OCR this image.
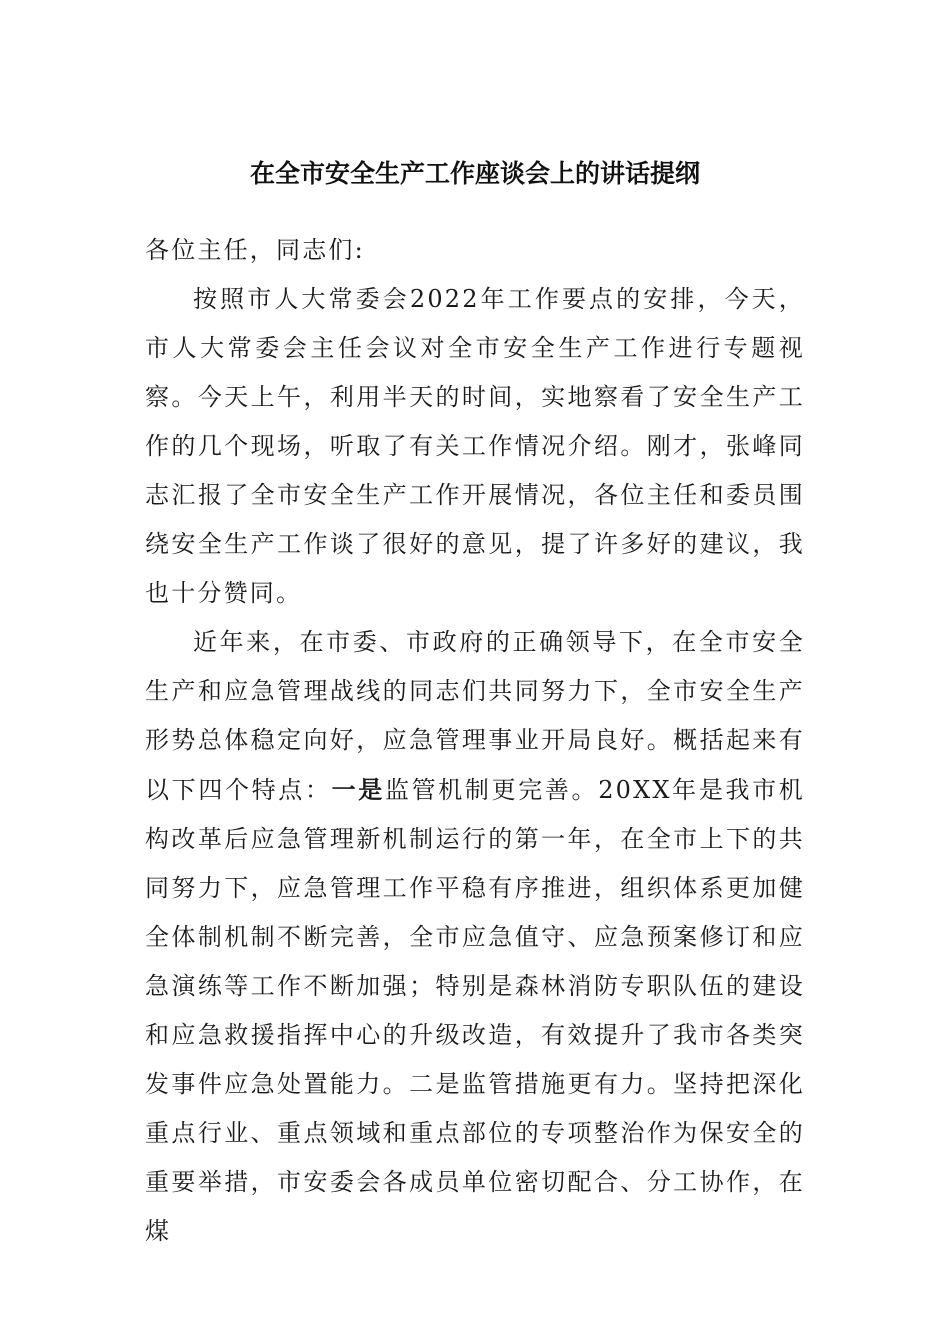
在全市安全生产工作座谈会上的讲话提纲

各位主任，同志们:

按照市人大常委会2022年工作要点的安排，今天，市人大常委会主任会议对全市安全生产工作进行专题视察。今天上午，利用半天的时间，实地察看了安全生产工作的几个现场，听取了有关工作情况介绍。刚才，张峰同志汇报了全市安全生产工作开展情况，各位主任和委员围绕安全生产工作谈了很好的意见，提了许多好的建议，我也十分赞同。

近年来，在市委、市政府的正确领导下，在全市安全生产和应急管理战线的同志们共同努力下，全市安全生产形势总体稳定向好，应急管理事业开局良好。概括起来有以下四个特点：一是监管机制更完善。20XX年是我市机构改革后应急管理新机制运行的第一年，在全市上下的共同努力下，应急管理工作平稳有序推进，组织体系更加健全体制机制不断完善，全市应急值守、应急预案修订和应急演练等工作不断加强；特别是森林消防专职队伍的建设和应急救援指挥中心的升级改造，有效提升了我市各类突发事件应急处置能力。二是监管措施更有力。坚持把深化重点行业、重点领域和重点部位的专项整治作为保安全的重要举措，市安委会各成员单位密切配合、分工协作，在煤
